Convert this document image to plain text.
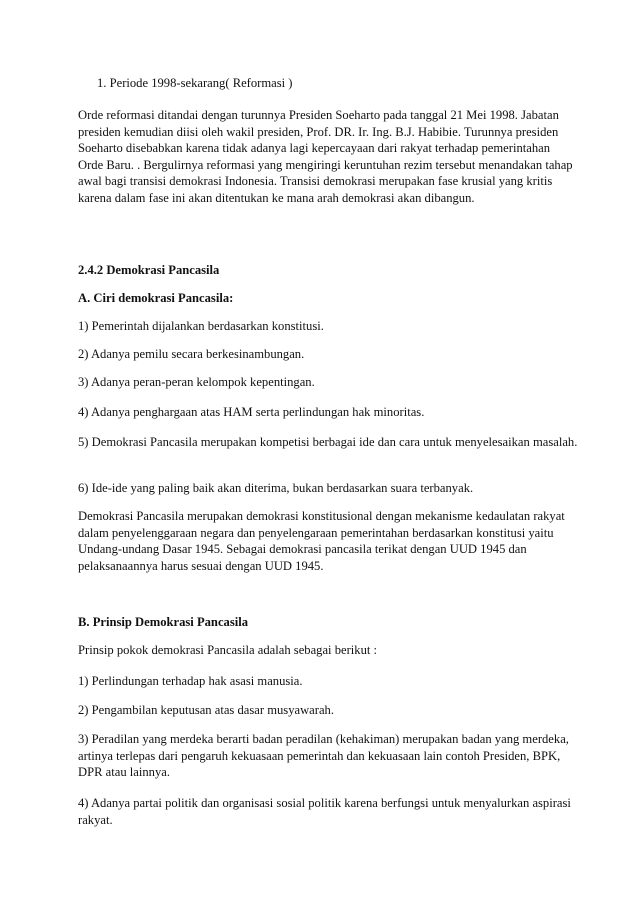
1. Periode 1998-sekarang( Reformasi )

Orde reformasi ditandai dengan turunnya Presiden Soeharto pada tanggal 21 Mei 1998. Jabatan presiden kemudian diisi oleh wakil presiden, Prof. DR. Ir. Ing. B.J. Habibie. Turunnya presiden Soeharto disebabkan karena tidak adanya lagi kepercayaan dari rakyat terhadap pemerintahan Orde Baru. . Bergulirnya reformasi yang mengiringi keruntuhan rezim tersebut menandakan tahap awal bagi transisi demokrasi Indonesia. Transisi demokrasi merupakan fase krusial yang kritis karena dalam fase ini akan ditentukan ke mana arah demokrasi akan dibangun.

2.4.2 Demokrasi Pancasila

A. Ciri demokrasi Pancasila:

1) Pemerintah dijalankan berdasarkan konstitusi.

2) Adanya pemilu secara berkesinambungan.

3) Adanya peran-peran kelompok kepentingan.

4) Adanya penghargaan atas HAM serta perlindungan hak minoritas.

5) Demokrasi Pancasila merupakan kompetisi berbagai ide dan cara untuk menyelesaikan masalah.

6) Ide-ide yang paling baik akan diterima, bukan berdasarkan suara terbanyak.

Demokrasi Pancasila merupakan demokrasi konstitusional dengan mekanisme kedaulatan rakyat dalam penyelenggaraan negara dan penyelengaraan pemerintahan berdasarkan konstitusi yaitu Undang-undang Dasar 1945. Sebagai demokrasi pancasila terikat dengan UUD 1945 dan pelaksanaannya harus sesuai dengan UUD 1945.

B. Prinsip Demokrasi Pancasila

Prinsip pokok demokrasi Pancasila adalah sebagai berikut :

1) Perlindungan terhadap hak asasi manusia.

2) Pengambilan keputusan atas dasar musyawarah.

3) Peradilan yang merdeka berarti badan peradilan (kehakiman) merupakan badan yang merdeka, artinya terlepas dari pengaruh kekuasaan pemerintah dan kekuasaan lain contoh Presiden, BPK, DPR atau lainnya.

4) Adanya partai politik dan organisasi sosial politik karena berfungsi untuk menyalurkan aspirasi rakyat.
